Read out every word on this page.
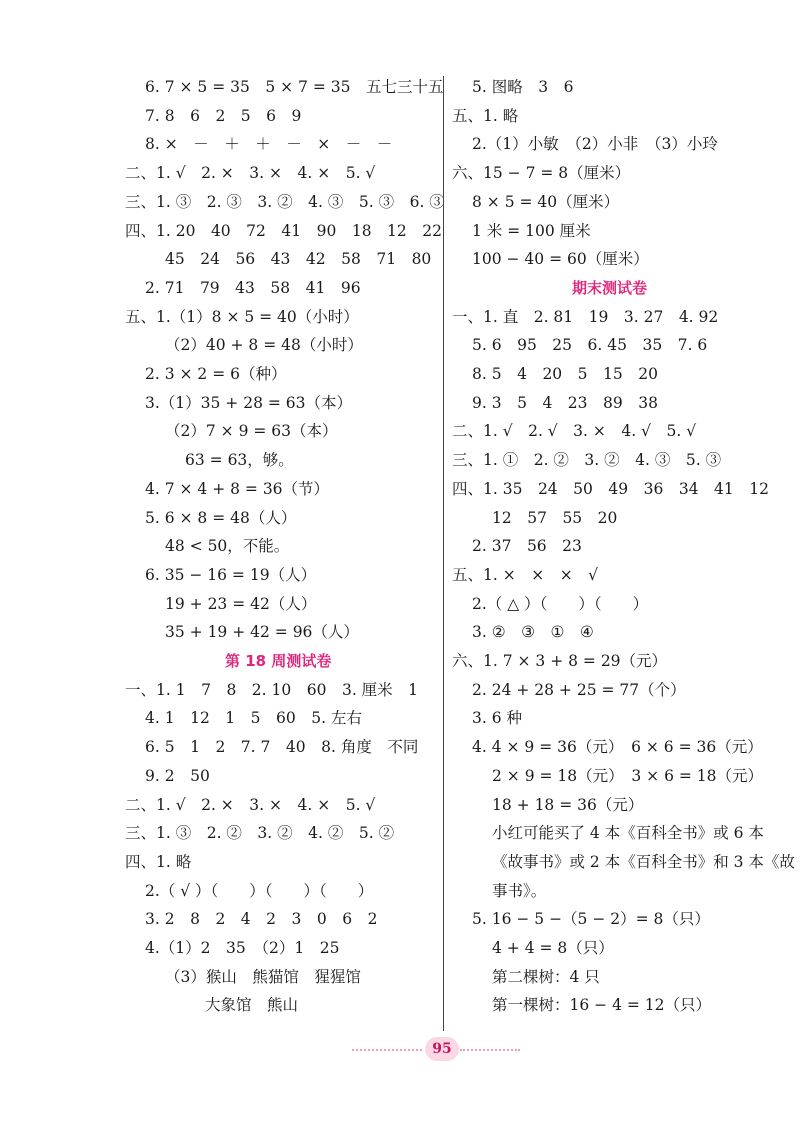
6. 7 × 5 = 35　5 × 7 = 35　五七三十五
7. 8　6　2　5　6　9
8. ×　－　＋　＋　－　×　－　－
二、1. √　2. ×　3. ×　4. ×　5. √
三、1. ③　2. ③　3. ②　4. ③　5. ③　6. ③
四、1. 20　40　72　41　90　18　12　22
45　24　56　43　42　58　71　80
2. 71　79　43　58　41　96
五、1.（1）8 × 5 = 40（小时）
（2）40 + 8 = 48（小时）
2. 3 × 2 = 6（种）
3.（1）35 + 28 = 63（本）
（2）7 × 9 = 63（本）
63 = 63，够。
4. 7 × 4 + 8 = 36（节）
5. 6 × 8 = 48（人）
48 < 50，不能。
6. 35 − 16 = 19（人）
19 + 23 = 42（人）
35 + 19 + 42 = 96（人）
第 18 周测试卷
一、1. 1　7　8　2. 10　60　3. 厘米　1
4. 1　12　1　5　60　5. 左右
6. 5　1　2　7. 7　40　8. 角度　不同
9. 2　50
二、1. √　2. ×　3. ×　4. ×　5. √
三、1. ③　2. ②　3. ②　4. ②　5. ②
四、1. 略
2.（ √ ）（　　）（　　）（　　）
3. 2　8　2　4　2　3　0　6　2
4.（1）2　35　（2）1　25
（3）猴山　熊猫馆　猩猩馆
大象馆　熊山
5. 图略　3　6
五、1. 略
2.（1）小敏　（2）小非　（3）小玲
六、15 − 7 = 8（厘米）
8 × 5 = 40（厘米）
1 米 = 100 厘米
100 − 40 = 60（厘米）
期末测试卷
一、1. 直　2. 81　19　3. 27　4. 92
5. 6　95　25　6. 45　35　7. 6
8. 5　4　20　5　15　20
9. 3　5　4　23　89　38
二、1. √　2. √　3. ×　4. √　5. √
三、1. ①　2. ②　3. ②　4. ③　5. ③
四、1. 35　24　50　49　36　34　41　12
12　57　55　20
2. 37　56　23
五、1. ×　×　×　√
2.（ △ ）（　　）（　　）
3. ②　③　①　④
六、1. 7 × 3 + 8 = 29（元）
2. 24 + 28 + 25 = 77（个）
3. 6 种
4. 4 × 9 = 36（元）　6 × 6 = 36（元）
2 × 9 = 18（元）　3 × 6 = 18（元）
18 + 18 = 36（元）
小红可能买了 4 本《百科全书》或 6 本
《故事书》或 2 本《百科全书》和 3 本《故
事书》。
5. 16 − 5 −（5 − 2）= 8（只）
4 + 4 = 8（只）
第二棵树：4 只
第一棵树：16 − 4 = 12（只）
95
